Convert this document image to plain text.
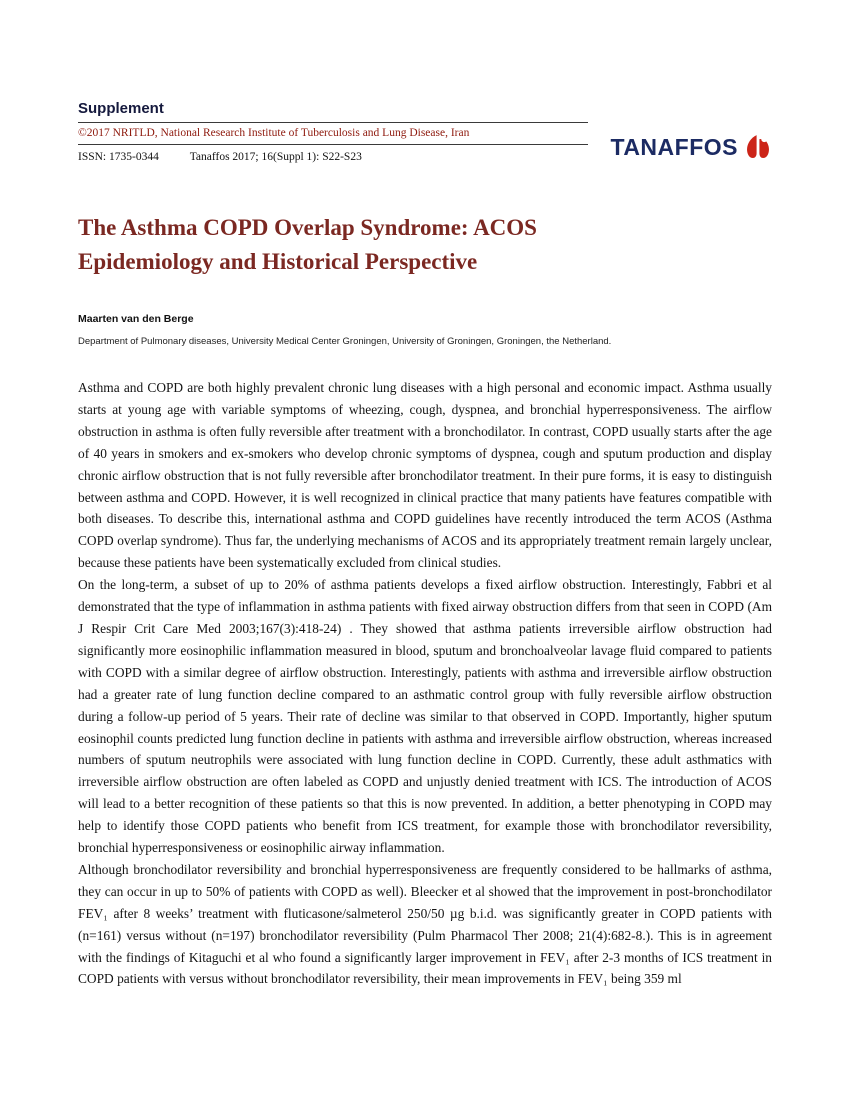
Supplement
©2017 NRITLD, National Research Institute of Tuberculosis and Lung Disease, Iran
ISSN: 1735-0344	Tanaffos 2017; 16(Suppl 1): S22-S23	TANAFFOS
The Asthma COPD Overlap Syndrome: ACOS
Epidemiology and Historical Perspective
Maarten van den Berge
Department of Pulmonary diseases, University Medical Center Groningen, University of Groningen, Groningen, the Netherland.

Asthma and COPD are both highly prevalent chronic lung diseases with a high personal and economic impact. Asthma usually starts at young age with variable symptoms of wheezing, cough, dyspnea, and bronchial hyperresponsiveness. The airflow obstruction in asthma is often fully reversible after treatment with a bronchodilator. In contrast, COPD usually starts after the age of 40 years in smokers and ex-smokers who develop chronic symptoms of dyspnea, cough and sputum production and display chronic airflow obstruction that is not fully reversible after bronchodilator treatment. In their pure forms, it is easy to distinguish between asthma and COPD. However, it is well recognized in clinical practice that many patients have features compatible with both diseases. To describe this, international asthma and COPD guidelines have recently introduced the term ACOS (Asthma COPD overlap syndrome). Thus far, the underlying mechanisms of ACOS and its appropriately treatment remain largely unclear, because these patients have been systematically excluded from clinical studies.

On the long-term, a subset of up to 20% of asthma patients develops a fixed airflow obstruction. Interestingly, Fabbri et al demonstrated that the type of inflammation in asthma patients with fixed airway obstruction differs from that seen in COPD (Am J Respir Crit Care Med 2003;167(3):418-24) . They showed that asthma patients irreversible airflow obstruction had significantly more eosinophilic inflammation measured in blood, sputum and bronchoalveolar lavage fluid compared to patients with COPD with a similar degree of airflow obstruction. Interestingly, patients with asthma and irreversible airflow obstruction had a greater rate of lung function decline compared to an asthmatic control group with fully reversible airflow obstruction during a follow-up period of 5 years. Their rate of decline was similar to that observed in COPD. Importantly, higher sputum eosinophil counts predicted lung function decline in patients with asthma and irreversible airflow obstruction, whereas increased numbers of sputum neutrophils were associated with lung function decline in COPD. Currently, these adult asthmatics with irreversible airflow obstruction are often labeled as COPD and unjustly denied treatment with ICS. The introduction of ACOS will lead to a better recognition of these patients so that this is now prevented. In addition, a better phenotyping in COPD may help to identify those COPD patients who benefit from ICS treatment, for example those with bronchodilator reversibility, bronchial hyperresponsiveness or eosinophilic airway inflammation.

Although bronchodilator reversibility and bronchial hyperresponsiveness are frequently considered to be hallmarks of asthma, they can occur in up to 50% of patients with COPD as well). Bleecker et al showed that the improvement in post-bronchodilator FEV₁ after 8 weeks’ treatment with fluticasone/salmeterol 250/50 µg b.i.d. was significantly greater in COPD patients with (n=161) versus without (n=197) bronchodilator reversibility (Pulm Pharmacol Ther 2008; 21(4):682-8.). This is in agreement with the findings of Kitaguchi et al who found a significantly larger improvement in FEV₁ after 2-3 months of ICS treatment in COPD patients with versus without bronchodilator reversibility, their mean improvements in FEV₁ being 359 ml
